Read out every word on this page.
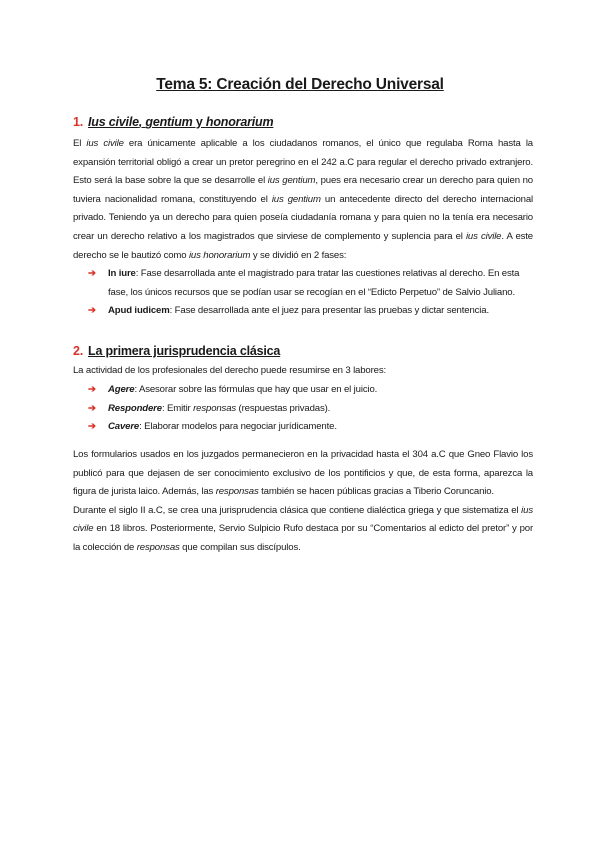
Tema 5: Creación del Derecho Universal
1. Ius civile, gentium y honorarium

El ius civile era únicamente aplicable a los ciudadanos romanos, el único que regulaba Roma hasta la expansión territorial obligó a crear un pretor peregrino en el 242 a.C para regular el derecho privado extranjero. Esto será la base sobre la que se desarrolle el ius gentium, pues era necesario crear un derecho para quien no tuviera nacionalidad romana, constituyendo el ius gentium un antecedente directo del derecho internacional privado. Teniendo ya un derecho para quien poseía ciudadanía romana y para quien no la tenía era necesario crear un derecho relativo a los magistrados que sirviese de complemento y suplencia para el ius civile. A este derecho se le bautizó como ius honorarium y se dividió en 2 fases:

➔ In iure: Fase desarrollada ante el magistrado para tratar las cuestiones relativas al derecho. En esta fase, los únicos recursos que se podían usar se recogían en el “Edicto Perpetuo” de Salvio Juliano.
➔ Apud iudicem: Fase desarrollada ante el juez para presentar las pruebas y dictar sentencia.
2. La primera jurisprudencia clásica

La actividad de los profesionales del derecho puede resumirse en 3 labores:

➔ Agere: Asesorar sobre las fórmulas que hay que usar en el juicio.
➔ Respondere: Emitir responsas (respuestas privadas).
➔ Cavere: Elaborar modelos para negociar jurídicamente.

Los formularios usados en los juzgados permanecieron en la privacidad hasta el 304 a.C que Gneo Flavio los publicó para que dejasen de ser conocimiento exclusivo de los pontificios y que, de esta forma, aparezca la figura de jurista laico. Además, las responsas también se hacen públicas gracias a Tiberio Coruncanio.
Durante el siglo II a.C, se crea una jurisprudencia clásica que contiene dialéctica griega y que sistematiza el ius civile en 18 libros. Posteriormente, Servio Sulpicio Rufo destaca por su “Comentarios al edicto del pretor” y por la colección de responsas que compilan sus discípulos.
